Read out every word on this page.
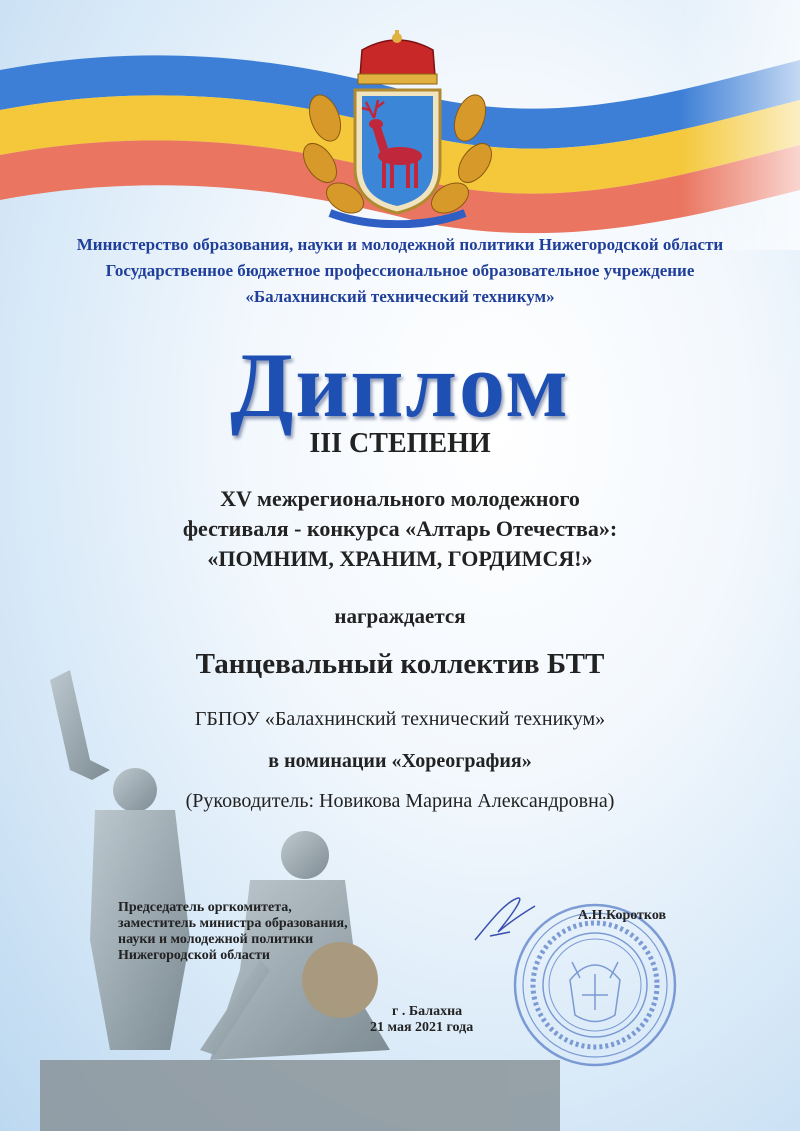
Министерство образования, науки и молодежной политики Нижегородской области
Государственное бюджетное профессиональное образовательное учреждение
«Балахнинский технический техникум»

Диплом

III СТЕПЕНИ

XV межрегионального молодежного
фестиваля - конкурса «Алтарь Отечества»:
«ПОМНИМ, ХРАНИМ, ГОРДИМСЯ!»

награждается

Танцевальный коллектив БТТ

ГБПОУ «Балахнинский технический техникум»

в номинации «Хореография»

(Руководитель: Новикова Марина Александровна)

Председатель оргкомитета,
заместитель министра образования,
науки и молодежной политики
Нижегородской области

А.Н.Коротков

г . Балахна

21 мая 2021 года
